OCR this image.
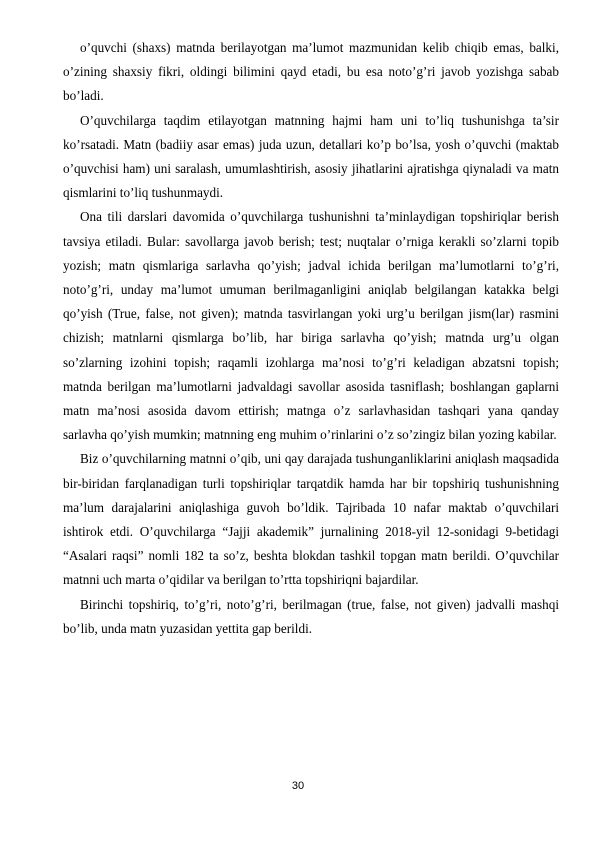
o’quvchi (shaxs) matnda berilayotgan ma’lumot mazmunidan kelib chiqib emas, balki, o’zining shaxsiy fikri, oldingi bilimini qayd etadi, bu esa noto’g’ri javob yozishga sabab bo’ladi.

O’quvchilarga taqdim etilayotgan matnning hajmi ham uni to’liq tushunishga ta’sir ko’rsatadi. Matn (badiiy asar emas) juda uzun, detallari ko’p bo’lsa, yosh o’quvchi (maktab o’quvchisi ham) uni saralash, umumlashtirish, asosiy jihatlarini ajratishga qiynaladi va matn qismlarini to’liq tushunmaydi.

Ona tili darslari davomida o’quvchilarga tushunishni ta’minlaydigan topshiriqlar berish tavsiya etiladi. Bular: savollarga javob berish; test; nuqtalar o’rniga kerakli so’zlarni topib yozish; matn qismlariga sarlavha qo’yish; jadval ichida berilgan ma’lumotlarni to’g’ri, noto’g’ri, unday ma’lumot umuman berilmaganligini aniqlab belgilangan katakka belgi qo’yish (True, false, not given); matnda tasvirlangan yoki urg’u berilgan jism(lar) rasmini chizish; matnlarni qismlarga bo’lib, har biriga sarlavha qo’yish; matnda urg’u olgan so’zlarning izohini topish; raqamli izohlarga ma’nosi to’g’ri keladigan abzatsni topish; matnda berilgan ma’lumotlarni jadvaldagi savollar asosida tasniflash; boshlangan gaplarni matn ma’nosi asosida davom ettirish; matnga o’z sarlavhasidan tashqari yana qanday sarlavha qo’yish mumkin; matnning eng muhim o’rinlarini o’z so’zingiz bilan yozing kabilar.

Biz o’quvchilarning matnni o’qib, uni qay darajada tushunganliklarini aniqlash maqsadida bir-biridan farqlanadigan turli topshiriqlar tarqatdik hamda har bir topshiriq tushunishning ma’lum darajalarini aniqlashiga guvoh bo’ldik. Tajribada 10 nafar maktab o’quvchilari ishtirok etdi. O’quvchilarga “Jajji akademik” jurnalining 2018-yil 12-sonidagi 9-betidagi “Asalari raqsi” nomli 182 ta so’z, beshta blokdan tashkil topgan matn berildi. O’quvchilar matnni uch marta o’qidilar va berilgan to’rtta topshiriqni bajardilar.

Birinchi topshiriq, to’g’ri, noto’g’ri, berilmagan (true, false, not given) jadvalli mashqi bo’lib, unda matn yuzasidan yettita gap berildi.

30
